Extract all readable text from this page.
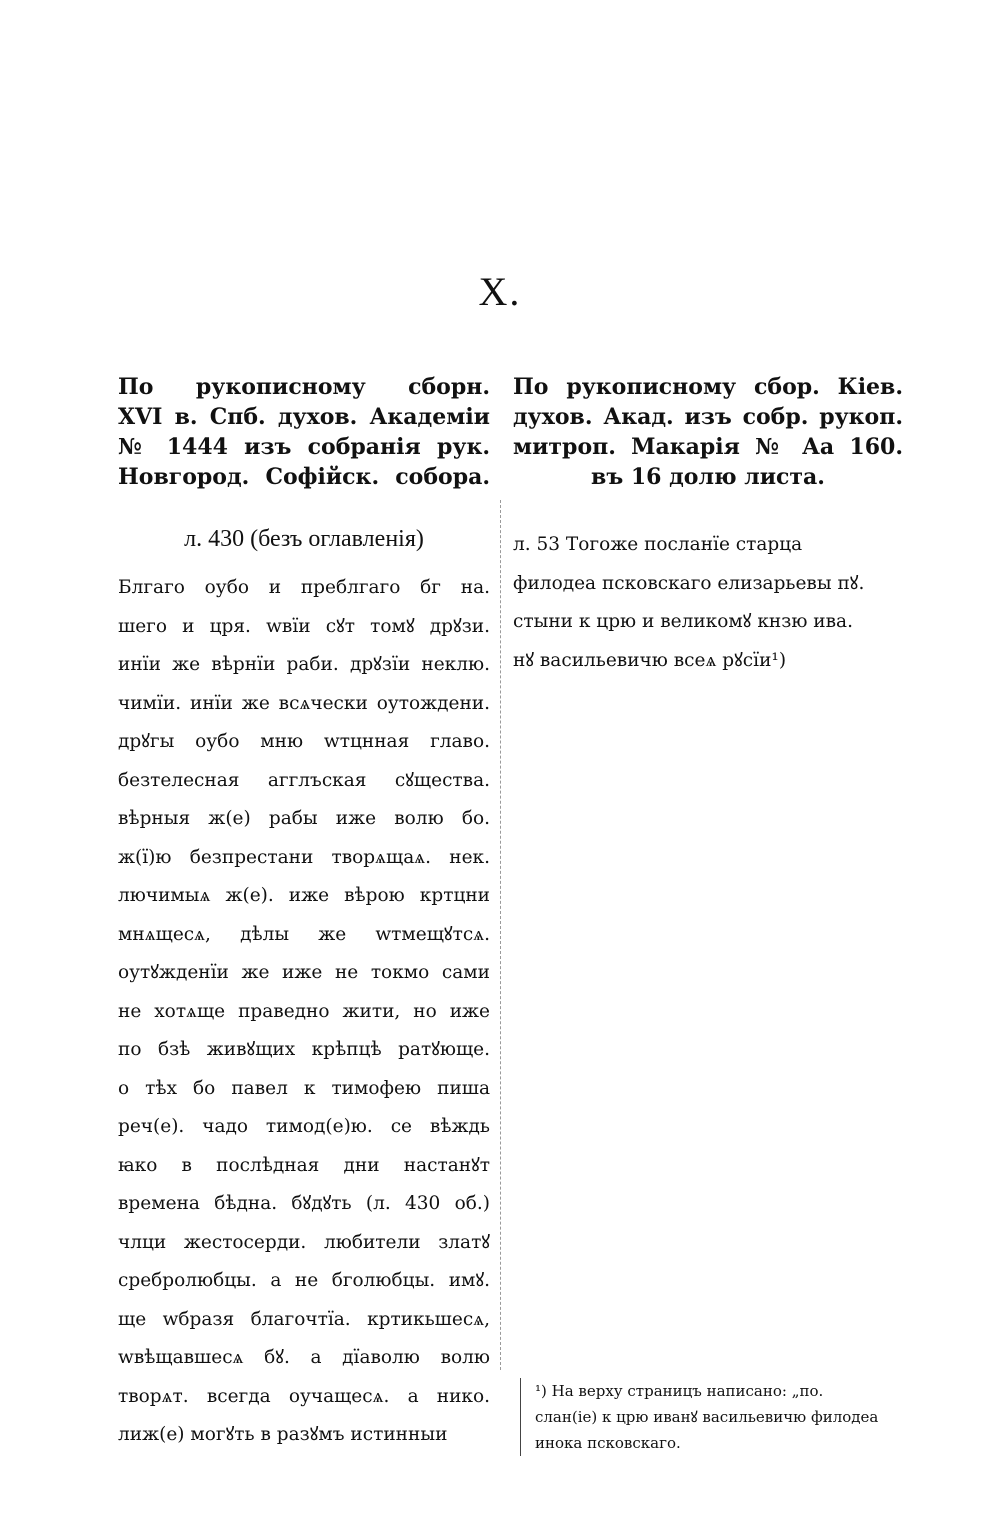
X.
По рукописному сборн.
XVI в. Спб. духов. Академіи
№ 1444 изъ собранія рук.
Новгород. Софійск. собора.
л. 430 (безъ оглавленія)
Блгаго оубо и преблгаго бг нa.
шего и цря. wвїи сꙋт томꙋ дрꙋзи.
инїи же вѣрнїи раби. дрꙋзїи неклю.
чимїи. инїи же всѧчески оутождени.
дрꙋгы оубо мню wтцнная главо.
безтелесная агглъская сꙋщества.
вѣрныя ж(е) рабы иже волю бо.
ж(ї)ю безпрестани творѧщаѧ. нек.
лючимыѧ ж(е). иже вѣрою кртцни
мнѧщесѧ, дѣлы же wтмещꙋтсѧ.
оутꙋжденїи же иже не токмо сами
не хотѧще праведно жити, но иже
по бзѣ живꙋщих крѣпцѣ ратꙋюще.
о тѣх бо павел к тимофею пиша
реч(е). чадо тимод(е)ю. се вѣждь
ꙗко в послѣдная дни настанꙋт
времена бѣдна. бꙋдꙋть (л. 430 об.)
члци жестосерди. любители златꙋ
сребролюбцы. а не бголюбцы. имꙋ.
ще wбразя благочтїа. кртикьшесѧ,
wвѣщавшесѧ бꙋ. а дїаволю волю
творѧт. всегда оучащесѧ. а нико.
лиж(е) могꙋть в разꙋмъ истинныи
По рукописному сбор. Кіев.
духов. Акад. изъ собр. рукоп.
митроп. Макарія № Аа 160.
въ 16 долю листа.
л. 53 Тогоже посланїе старца
филодеа псковскаго елизарьевы пꙋ.
стыни к црю и великомꙋ кнзю ива.
нꙋ васильевичю всеѧ рꙋсїи¹)
¹) На верху страницъ написано: „по.
слан(іе) к црю иванꙋ васильевичю филодеа
инока псковскаго.
